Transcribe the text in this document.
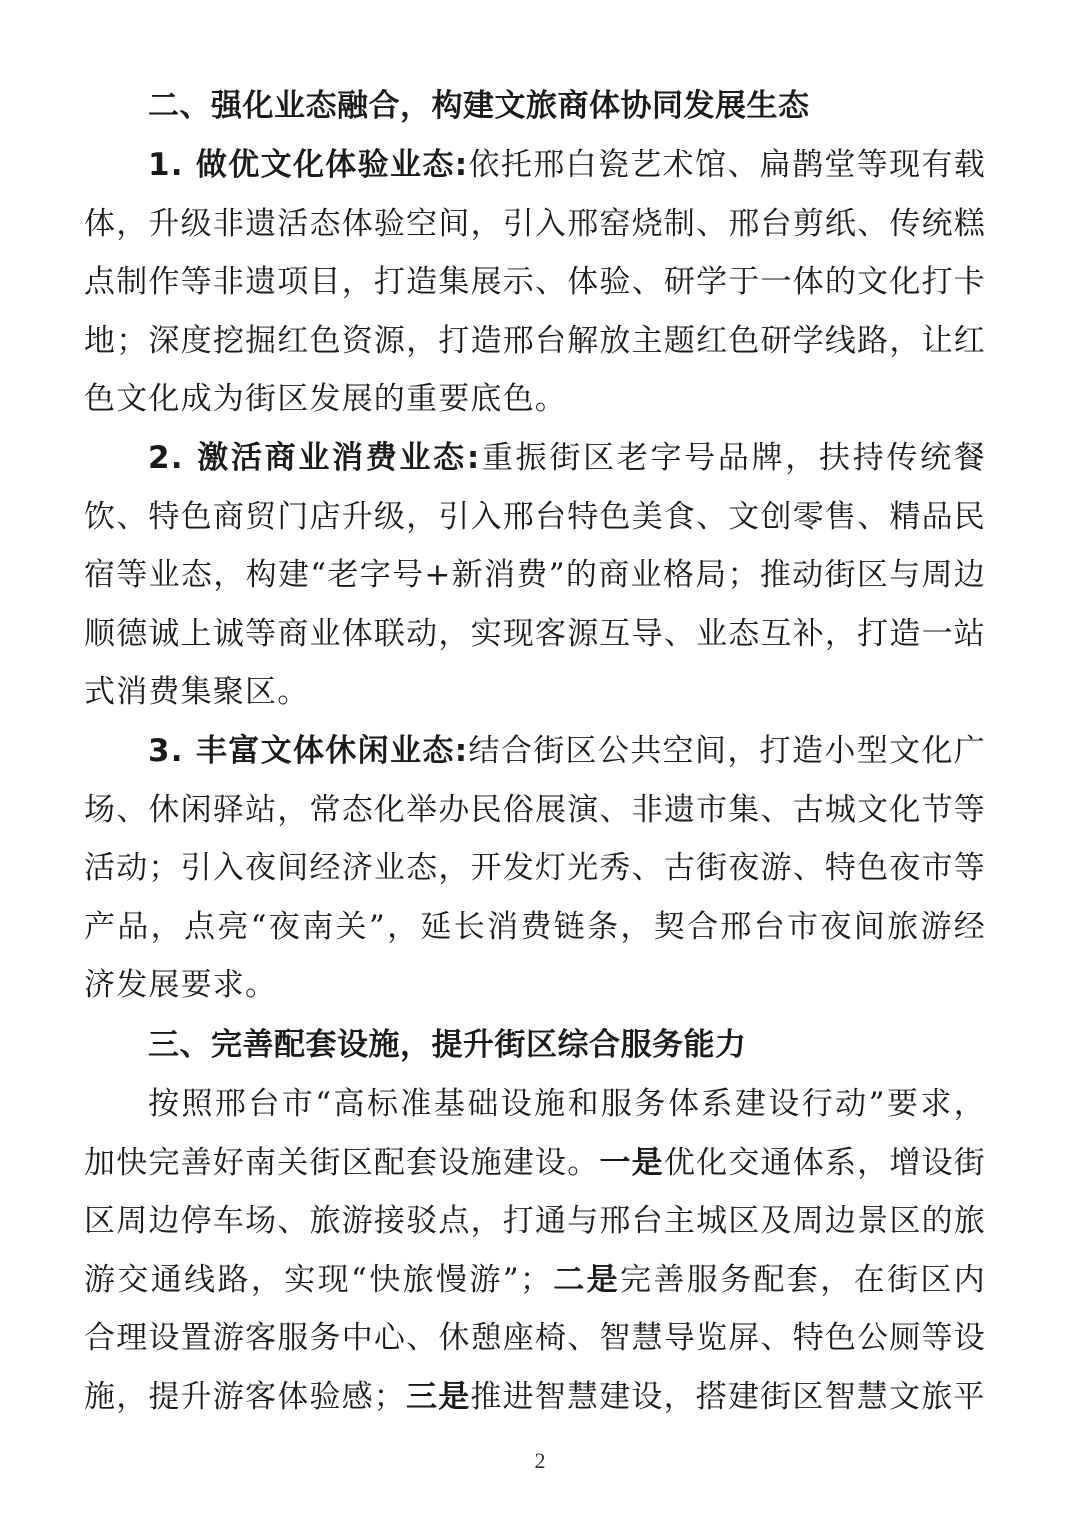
二、强化业态融合，构建文旅商体协同发展生态

1. 做优文化体验业态:依托邢白瓷艺术馆、扁鹊堂等现有载体，升级非遗活态体验空间，引入邢窑烧制、邢台剪纸、传统糕点制作等非遗项目，打造集展示、体验、研学于一体的文化打卡地；深度挖掘红色资源，打造邢台解放主题红色研学线路，让红色文化成为街区发展的重要底色。

2. 激活商业消费业态:重振街区老字号品牌，扶持传统餐饮、特色商贸门店升级，引入邢台特色美食、文创零售、精品民宿等业态，构建“老字号+新消费”的商业格局；推动街区与周边顺德诚上诚等商业体联动，实现客源互导、业态互补，打造一站式消费集聚区。

3. 丰富文体休闲业态:结合街区公共空间，打造小型文化广场、休闲驿站，常态化举办民俗展演、非遗市集、古城文化节等活动；引入夜间经济业态，开发灯光秀、古街夜游、特色夜市等产品，点亮“夜南关”，延长消费链条，契合邢台市夜间旅游经济发展要求。

三、完善配套设施，提升街区综合服务能力

按照邢台市“高标准基础设施和服务体系建设行动”要求，加快完善好南关街区配套设施建设。一是优化交通体系，增设街区周边停车场、旅游接驳点，打通与邢台主城区及周边景区的旅游交通线路，实现“快旅慢游”；二是完善服务配套，在街区内合理设置游客服务中心、休憩座椅、智慧导览屏、特色公厕等设施，提升游客体验感；三是推进智慧建设，搭建街区智慧文旅平

2
